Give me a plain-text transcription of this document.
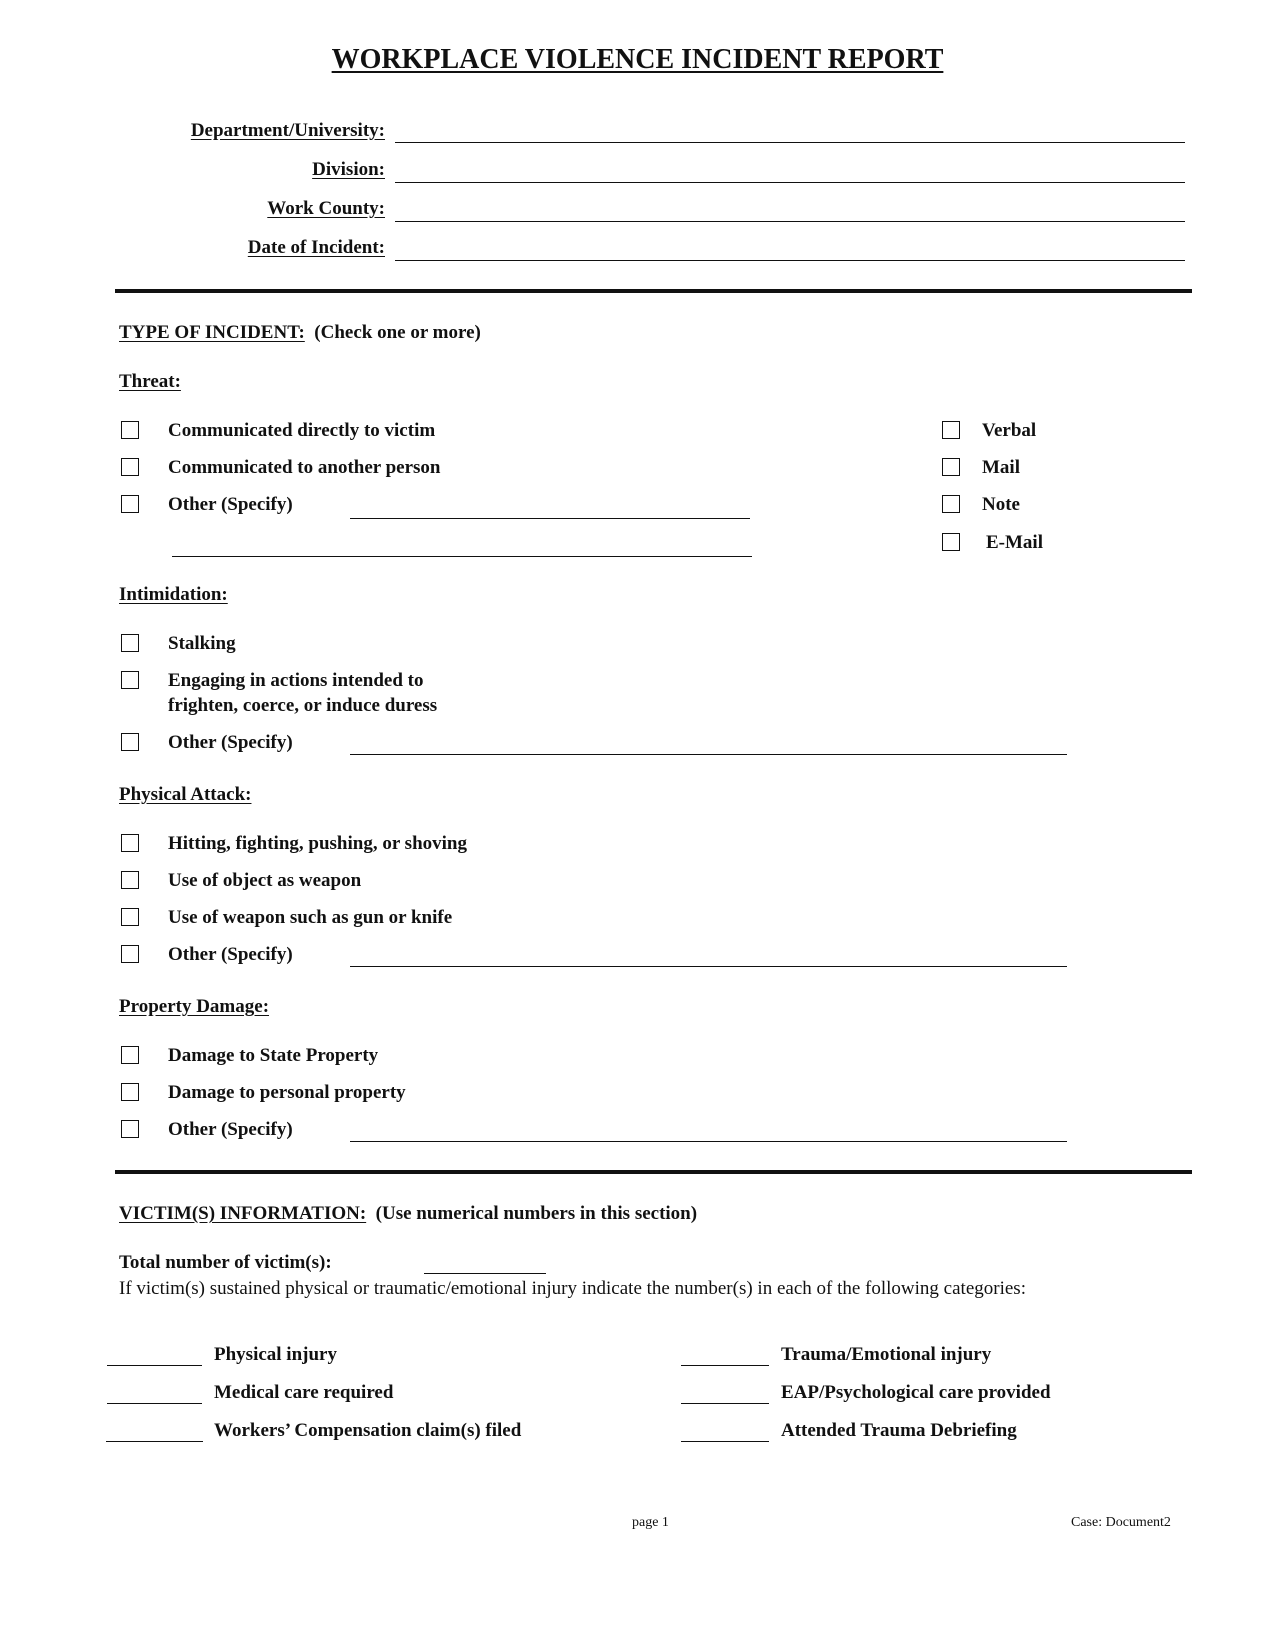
WORKPLACE VIOLENCE INCIDENT REPORT
Department/University:
Division:
Work County:
Date of Incident:
TYPE OF INCIDENT: (Check one or more)
Threat:
Communicated directly to victim
Communicated to another person
Other (Specify)
Verbal
Mail
Note
E-Mail
Intimidation:
Stalking
Engaging in actions intended to
frighten, coerce, or induce duress
Other (Specify)
Physical Attack:
Hitting, fighting, pushing, or shoving
Use of object as weapon
Use of weapon such as gun or knife
Other (Specify)
Property Damage:
Damage to State Property
Damage to personal property
Other (Specify)
VICTIM(S) INFORMATION: (Use numerical numbers in this section)
Total number of victim(s):
If victim(s) sustained physical or traumatic/emotional injury indicate the number(s) in each of the following categories:
Physical injury
Medical care required
Workers’ Compensation claim(s) filed
Trauma/Emotional injury
EAP/Psychological care provided
Attended Trauma Debriefing
page 1	Case: Document2
